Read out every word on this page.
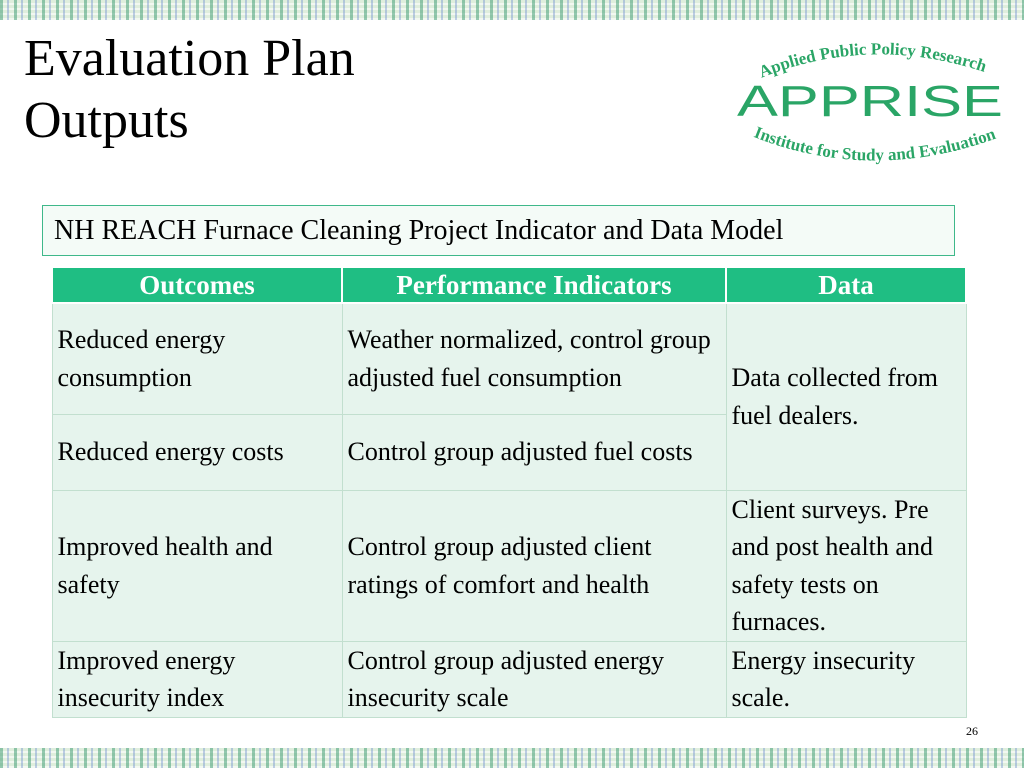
Evaluation Plan
Outputs
Applied Public Policy Research
APPRISE
Institute for Study and Evaluation
NH REACH Furnace Cleaning Project Indicator and Data Model
Outcomes	Performance Indicators	Data
Reduced energy consumption	Weather normalized, control group adjusted fuel consumption	Data collected from fuel dealers.
Reduced energy costs	Control group adjusted fuel costs	
Improved health and safety	Control group adjusted client ratings of comfort and health	Client surveys. Pre and post health and safety tests on furnaces.
Improved energy insecurity index	Control group adjusted energy insecurity scale	Energy insecurity scale.
26
